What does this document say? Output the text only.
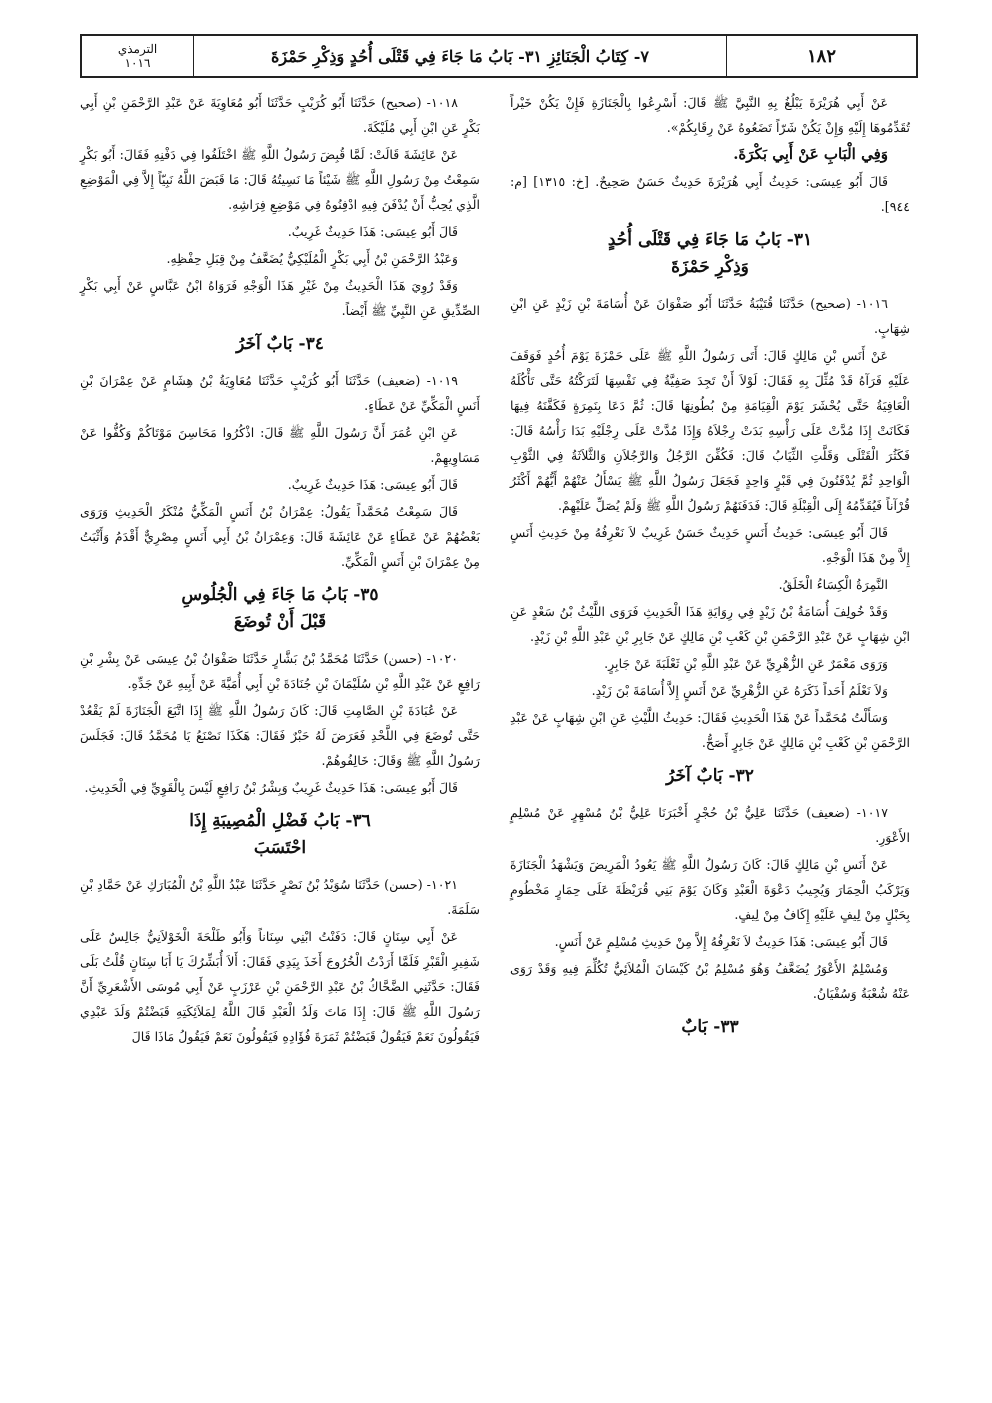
١٨٢
٧- كِتَابُ الْجَنَائِزِ ٣١- بَابُ مَا جَاءَ فِي قَتْلَى أُحُدٍ وَذِكْرِ حَمْزَةَ
الترمذي
١٠١٦

عَنْ أَبِي هُرَيْرَةَ يَبْلُغُ بِهِ النَّبِيَّ ﷺ قَالَ: أَسْرِعُوا بِالْجَنَازَةِ فَإِنْ يَكُنْ خَيْراً تُقَدِّمُوهَا إِلَيْهِ وَإِنْ يَكُنْ شَرّاً تَضَعُوهُ عَنْ رِقَابِكُمْ».

وَفِي الْبَابِ عَنْ أَبِي بَكْرَةَ.

قَالَ أَبُو عِيسَى: حَدِيثُ أَبِي هُرَيْرَةَ حَدِيثٌ حَسَنٌ صَحِيحٌ. [خ: ١٣١٥] [م: ٩٤٤].

٣١- بَابُ مَا جَاءَ فِي قَتْلَى أُحُدٍ
وَذِكْرِ حَمْزَةَ

١٠١٦- (صحيح) حَدَّثَنَا قُتَيْبَةُ حَدَّثَنَا أَبُو صَفْوَانَ عَنْ أُسَامَةَ بْنِ زَيْدٍ عَنِ ابْنِ شِهَابٍ.

عَنْ أَنَسِ بْنِ مَالِكٍ قَالَ: أَتَى رَسُولُ اللَّهِ ﷺ عَلَى حَمْزَةَ يَوْمَ أُحُدٍ فَوَقَفَ عَلَيْهِ فَرَآهُ قَدْ مُثِّلَ بِهِ فَقَالَ: لَوْلاَ أَنْ تَجِدَ صَفِيَّةُ فِي نَفْسِهَا لَتَرَكْتُهُ حَتَّى تَأْكُلَهُ الْعَافِيَةُ حَتَّى يُحْشَرَ يَوْمَ الْقِيَامَةِ مِنْ بُطُونِهَا قَالَ: ثُمَّ دَعَا بِنَمِرَةٍ فَكَفَّنَهُ فِيهَا فَكَانَتْ إِذَا مُدَّتْ عَلَى رَأْسِهِ بَدَتْ رِجْلاَهُ وَإِذَا مُدَّتْ عَلَى رِجْلَيْهِ بَدَا رَأْسُهُ قَالَ: فَكَثُرَ الْقَتْلَى وَقَلَّتِ الثِّيَابُ قَالَ: فَكُفِّنَ الرَّجُلُ وَالرَّجُلاَنِ وَالثَّلاَثَةُ فِي الثَّوْبِ الْوَاحِدِ ثُمَّ يُدْفَنُونَ فِي قَبْرٍ وَاحِدٍ فَجَعَلَ رَسُولُ اللَّهِ ﷺ يَسْأَلُ عَنْهُمْ أَيُّهُمْ أَكْثَرُ قُرْآناً فَيُقَدِّمُهُ إِلَى الْقِبْلَةِ قَالَ: فَدَفَنَهُمْ رَسُولُ اللَّهِ ﷺ وَلَمْ يُصَلِّ عَلَيْهِمْ.

قَالَ أَبُو عِيسَى: حَدِيثُ أَنَسٍ حَدِيثٌ حَسَنٌ غَرِيبٌ لاَ نَعْرِفُهُ مِنْ حَدِيثِ أَنَسٍ إِلاَّ مِنْ هَذَا الْوَجْهِ.

النَّمِرَةُ الْكِسَاءُ الْخَلَقُ.

وَقَدْ خُولِفَ أُسَامَةُ بْنُ زَيْدٍ فِي رِوَايَةِ هَذَا الْحَدِيثِ فَرَوَى اللَّيْثُ بْنُ سَعْدٍ عَنِ ابْنِ شِهَابٍ عَنْ عَبْدِ الرَّحْمَنِ بْنِ كَعْبِ بْنِ مَالِكٍ عَنْ جَابِرِ بْنِ عَبْدِ اللَّهِ بْنِ زَيْدٍ.

وَرَوَى مَعْمَرٌ عَنِ الزُّهْرِيِّ عَنْ عَبْدِ اللَّهِ بْنِ ثَعْلَبَةَ عَنْ جَابِرٍ.

وَلاَ نَعْلَمُ أَحَداً ذَكَرَهُ عَنِ الزُّهْرِيِّ عَنْ أَنَسٍ إِلاَّ أُسَامَةَ بْنَ زَيْدٍ.

وَسَأَلْتُ مُحَمَّداً عَنْ هَذَا الْحَدِيثِ فَقَالَ: حَدِيثُ اللَّيْثِ عَنِ ابْنِ شِهَابٍ عَنْ عَبْدِ الرَّحْمَنِ بْنِ كَعْبِ بْنِ مَالِكٍ عَنْ جَابِرٍ أَصَحُّ.

٣٢- بَابٌ آخَرُ

١٠١٧- (ضعيف) حَدَّثَنَا عَلِيُّ بْنُ حُجْرٍ أَخْبَرَنَا عَلِيُّ بْنُ مُسْهِرٍ عَنْ مُسْلِمٍ الأَعْوَرِ.

عَنْ أَنَسِ بْنِ مَالِكٍ قَالَ: كَانَ رَسُولُ اللَّهِ ﷺ يَعُودُ الْمَرِيضَ وَيَشْهَدُ الْجَنَازَةَ وَيَرْكَبُ الْحِمَارَ وَيُجِيبُ دَعْوَةَ الْعَبْدِ وَكَانَ يَوْمَ بَنِي قُرَيْظَةَ عَلَى حِمَارٍ مَخْطُومٍ بِحَبْلٍ مِنْ لِيفٍ عَلَيْهِ إِكَافٌ مِنْ لِيفٍ.

قَالَ أَبُو عِيسَى: هَذَا حَدِيثٌ لاَ نَعْرِفُهُ إِلاَّ مِنْ حَدِيثِ مُسْلِمٍ عَنْ أَنَسٍ.

وَمُسْلِمٌ الأَعْوَرُ يُضَعَّفُ وَهُوَ مُسْلِمُ بْنُ كَيْسَانَ الْمُلاَئِيُّ تُكُلِّمَ فِيهِ وَقَدْ رَوَى عَنْهُ شُعْبَةُ وَسُفْيَانُ.

٣٣- بَابٌ

١٠١٨- (صحيح) حَدَّثَنَا أَبُو كُرَيْبٍ حَدَّثَنَا أَبُو مُعَاوِيَةَ عَنْ عَبْدِ الرَّحْمَنِ بْنِ أَبِي بَكْرٍ عَنِ ابْنِ أَبِي مُلَيْكَةَ.

عَنْ عَائِشَةَ قَالَتْ: لَمَّا قُبِضَ رَسُولُ اللَّهِ ﷺ اخْتَلَفُوا فِي دَفْنِهِ فَقَالَ: أَبُو بَكْرٍ سَمِعْتُ مِنْ رَسُولِ اللَّهِ ﷺ شَيْئاً مَا نَسِيتُهُ قَالَ: مَا قَبَضَ اللَّهُ نَبِيّاً إِلاَّ فِي الْمَوْضِعِ الَّذِي يُحِبُّ أَنْ يُدْفَنَ فِيهِ ادْفِنُوهُ فِي مَوْضِعِ فِرَاشِهِ.

قَالَ أَبُو عِيسَى: هَذَا حَدِيثٌ غَرِيبٌ.

وَعَبْدُ الرَّحْمَنِ بْنُ أَبِي بَكْرٍ الْمُلَيْكِيُّ يُضَعَّفُ مِنْ قِبَلِ حِفْظِهِ.

وَقَدْ رُوِيَ هَذَا الْحَدِيثُ مِنْ غَيْرِ هَذَا الْوَجْهِ فَرَوَاهُ ابْنُ عَبَّاسٍ عَنْ أَبِي بَكْرٍ الصِّدِّيقِ عَنِ النَّبِيِّ ﷺ أَيْضاً.

٣٤- بَابٌ آخَرُ

١٠١٩- (ضعيف) حَدَّثَنَا أَبُو كُرَيْبٍ حَدَّثَنَا مُعَاوِيَةُ بْنُ هِشَامٍ عَنْ عِمْرَانَ بْنِ أَنَسٍ الْمَكِّيِّ عَنْ عَطَاءٍ.

عَنِ ابْنِ عُمَرَ أَنَّ رَسُولَ اللَّهِ ﷺ قَالَ: اذْكُرُوا مَحَاسِنَ مَوْتَاكُمْ وَكُفُّوا عَنْ مَسَاوِيهِمْ.

قَالَ أَبُو عِيسَى: هَذَا حَدِيثٌ غَرِيبٌ.

قَالَ سَمِعْتُ مُحَمَّداً يَقُولُ: عِمْرَانُ بْنُ أَنَسٍ الْمَكِّيُّ مُنْكَرُ الْحَدِيثِ وَرَوَى بَعْضُهُمْ عَنْ عَطَاءٍ عَنْ عَائِشَةَ قَالَ: وَعِمْرَانُ بْنُ أَبِي أَنَسٍ مِصْرِيٌّ أَقْدَمُ وَأَثْبَتُ مِنْ عِمْرَانَ بْنِ أَنَسٍ الْمَكِّيِّ.

٣٥- بَابُ مَا جَاءَ فِي الْجُلُوسِ
قَبْلَ أَنْ تُوضَعَ

١٠٢٠- (حسن) حَدَّثَنَا مُحَمَّدُ بْنُ بَشَّارٍ حَدَّثَنَا صَفْوَانُ بْنُ عِيسَى عَنْ بِشْرِ بْنِ رَافِعٍ عَنْ عَبْدِ اللَّهِ بْنِ سُلَيْمَانَ بْنِ جُنَادَةَ بْنِ أَبِي أُمَيَّةَ عَنْ أَبِيهِ عَنْ جَدِّهِ.

عَنْ عُبَادَةَ بْنِ الصَّامِتِ قَالَ: كَانَ رَسُولُ اللَّهِ ﷺ إِذَا اتَّبَعَ الْجَنَازَةَ لَمْ يَقْعُدْ حَتَّى تُوضَعَ فِي اللَّحْدِ فَعَرَضَ لَهُ حَبْرٌ فَقَالَ: هَكَذَا نَصْنَعُ يَا مُحَمَّدُ قَالَ: فَجَلَسَ رَسُولُ اللَّهِ ﷺ وَقَالَ: خَالِفُوهُمْ.

قَالَ أَبُو عِيسَى: هَذَا حَدِيثٌ غَرِيبٌ وَبِشْرُ بْنُ رَافِعٍ لَيْسَ بِالْقَوِيِّ فِي الْحَدِيثِ.

٣٦- بَابُ فَضْلِ الْمُصِيبَةِ إِذَا
احْتَسَبَ

١٠٢١- (حسن) حَدَّثَنَا سُوَيْدُ بْنُ نَصْرٍ حَدَّثَنَا عَبْدُ اللَّهِ بْنُ الْمُبَارَكِ عَنْ حَمَّادِ بْنِ سَلَمَةَ.

عَنْ أَبِي سِنَانٍ قَالَ: دَفَنْتُ ابْنِي سِنَاناً وَأَبُو طَلْحَةَ الْخَوْلاَنِيُّ جَالِسٌ عَلَى شَفِيرِ الْقَبْرِ فَلَمَّا أَرَدْتُ الْخُرُوجَ أَخَذَ بِيَدِي فَقَالَ: أَلاَ أُبَشِّرُكَ يَا أَبَا سِنَانٍ قُلْتُ بَلَى فَقَالَ: حَدَّثَنِي الضَّحَّاكُ بْنُ عَبْدِ الرَّحْمَنِ بْنِ عَرْزَبٍ عَنْ أَبِي مُوسَى الأَشْعَرِيِّ أَنَّ رَسُولَ اللَّهِ ﷺ قَالَ: إِذَا مَاتَ وَلَدُ الْعَبْدِ قَالَ اللَّهُ لِمَلاَئِكَتِهِ قَبَضْتُمْ وَلَدَ عَبْدِي فَيَقُولُونَ نَعَمْ فَيَقُولُ قَبَضْتُمْ ثَمَرَةَ فُؤَادِهِ فَيَقُولُونَ نَعَمْ فَيَقُولُ مَاذَا قَالَ
